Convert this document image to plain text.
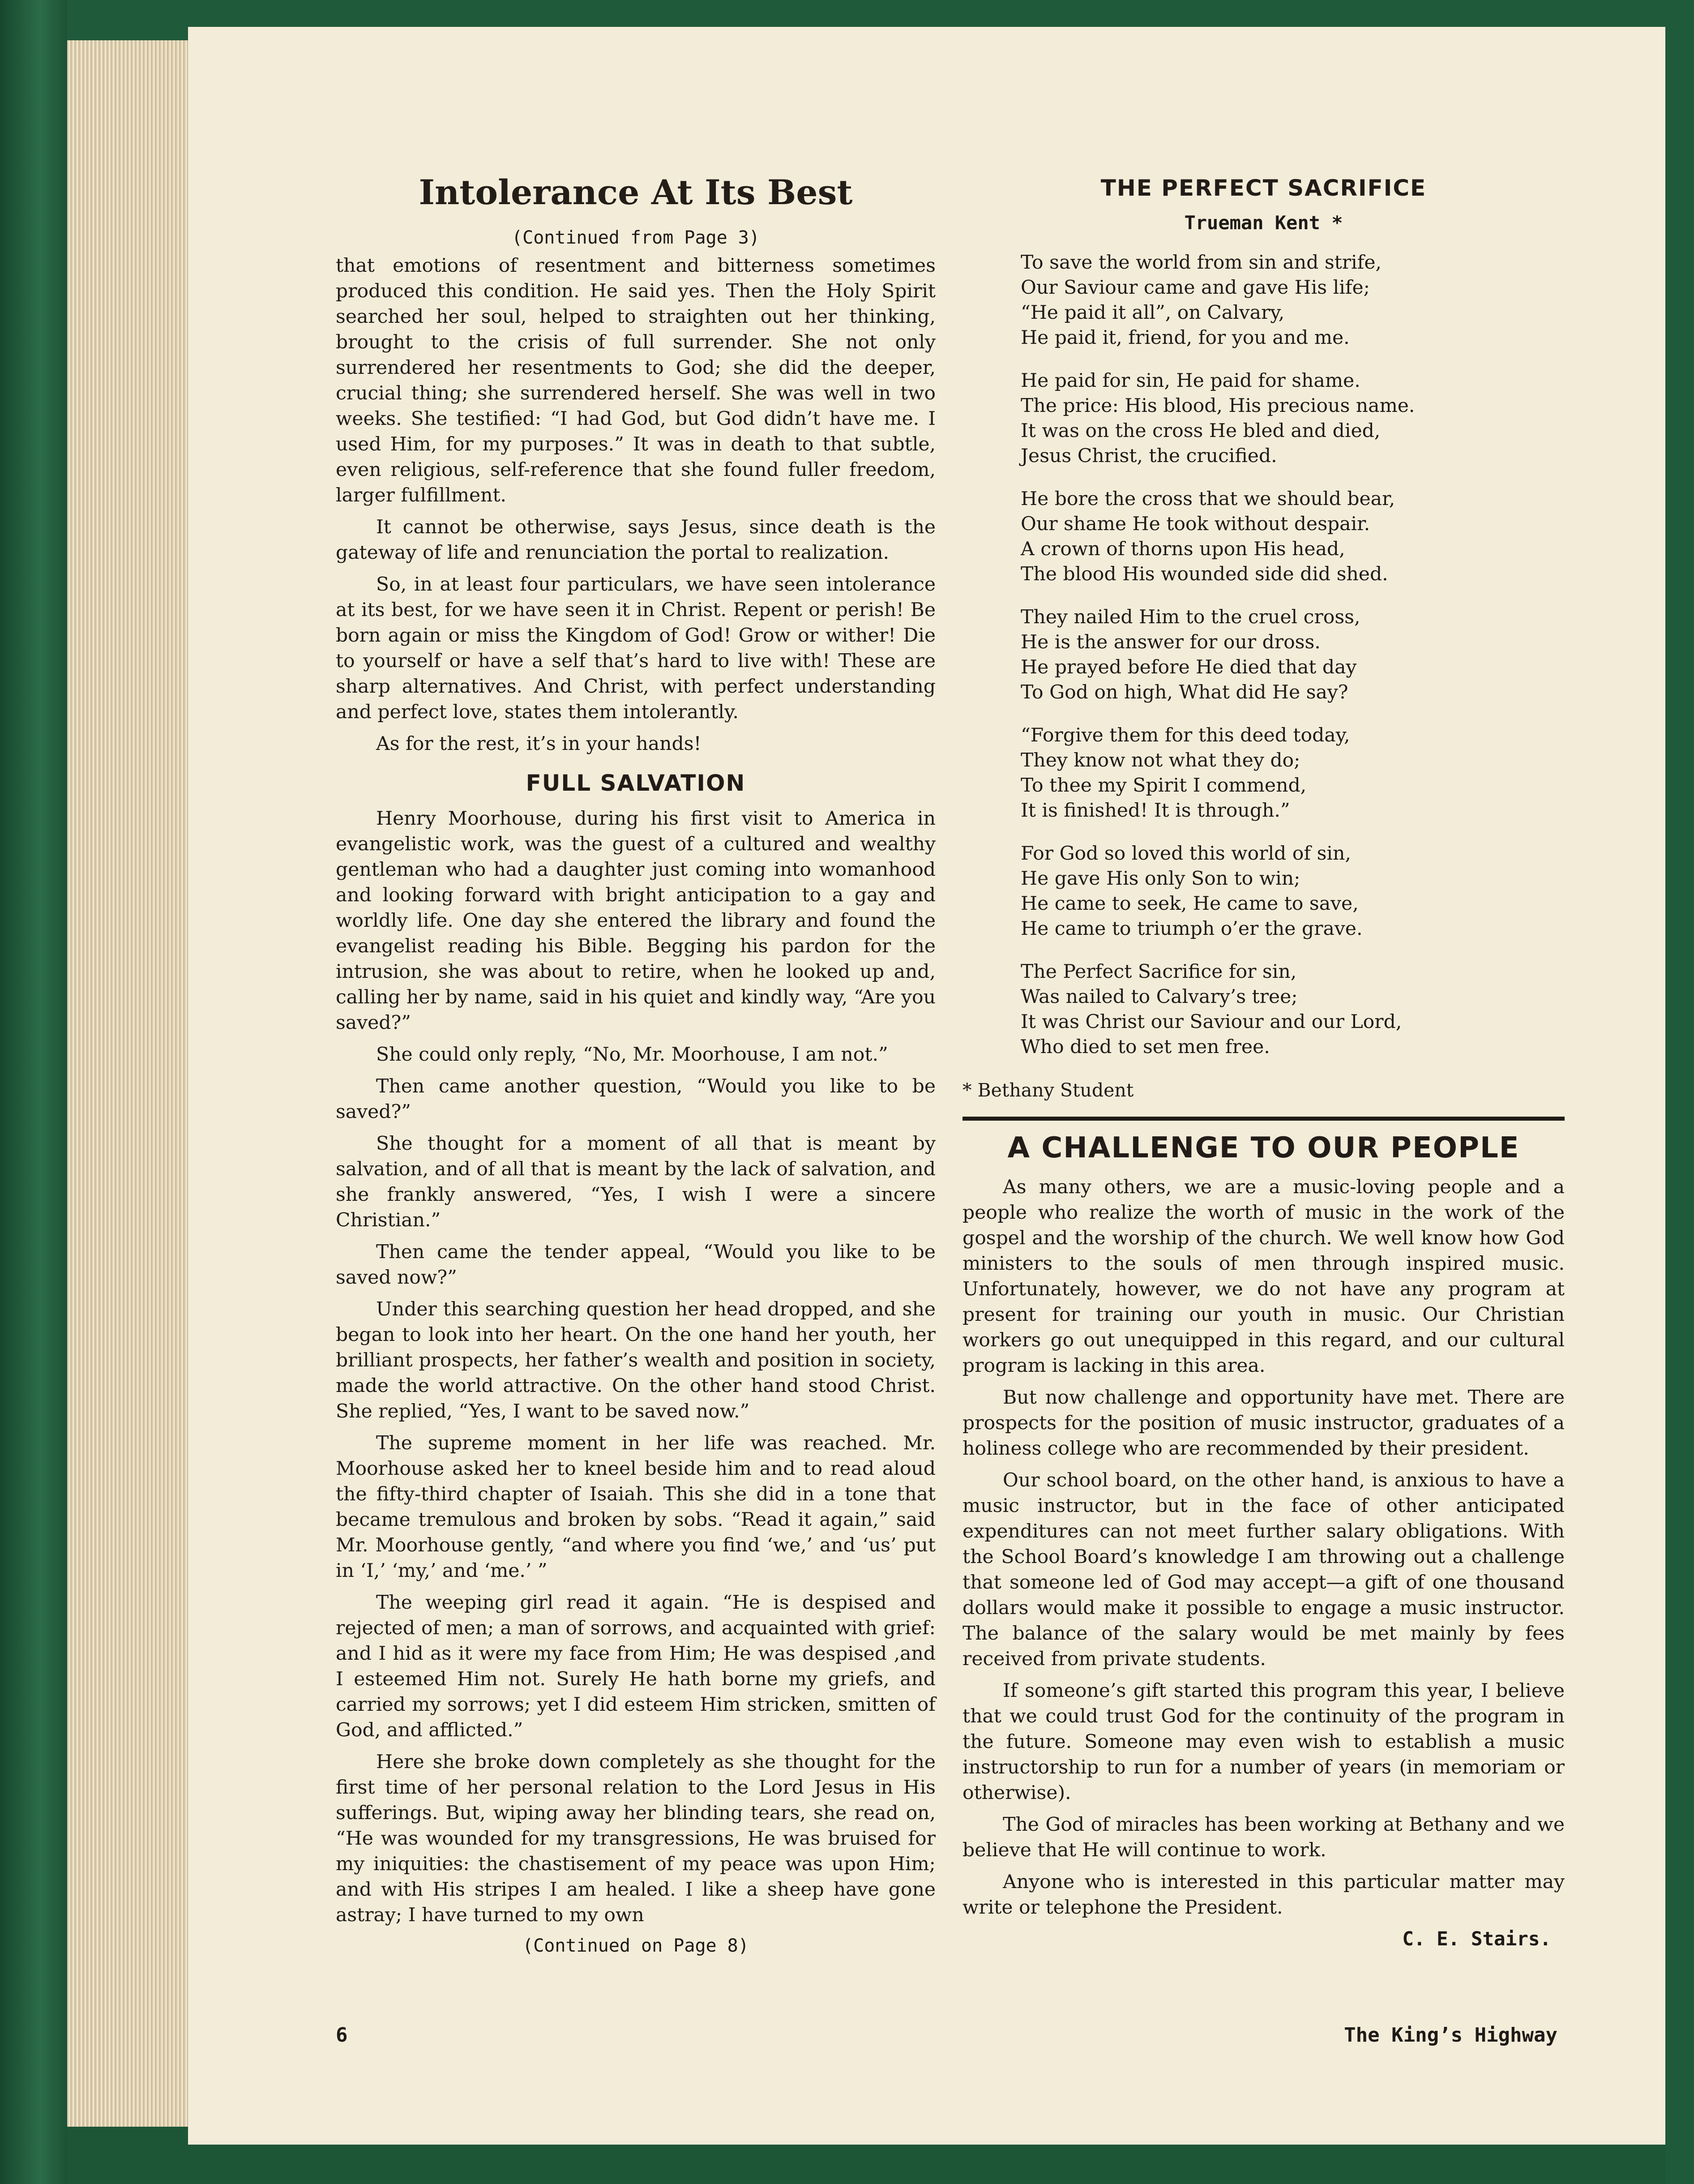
Intolerance At Its Best
(Continued from Page 3)

that emotions of resentment and bitterness sometimes produced this condition. He said yes. Then the Holy Spirit searched her soul, helped to straighten out her thinking, brought to the crisis of full surrender. She not only surrendered her resentments to God; she did the deeper, crucial thing; she surrendered herself. She was well in two weeks. She testified: “I had God, but God didn’t have me. I used Him, for my purposes.” It was in death to that subtle, even religious, self-reference that she found fuller freedom, larger fulfillment.

It cannot be otherwise, says Jesus, since death is the gateway of life and renunciation the portal to realization.

So, in at least four particulars, we have seen intolerance at its best, for we have seen it in Christ. Repent or perish! Be born again or miss the Kingdom of God! Grow or wither! Die to yourself or have a self that’s hard to live with! These are sharp alternatives. And Christ, with perfect understanding and perfect love, states them intolerantly.

As for the rest, it’s in your hands!

FULL SALVATION

Henry Moorhouse, during his first visit to America in evangelistic work, was the guest of a cultured and wealthy gentleman who had a daughter just coming into womanhood and looking forward with bright anticipation to a gay and worldly life. One day she entered the library and found the evangelist reading his Bible. Begging his pardon for the intrusion, she was about to retire, when he looked up and, calling her by name, said in his quiet and kindly way, “Are you saved?”

She could only reply, “No, Mr. Moorhouse, I am not.”

Then came another question, “Would you like to be saved?”

She thought for a moment of all that is meant by salvation, and of all that is meant by the lack of salvation, and she frankly answered, “Yes, I wish I were a sincere Christian.”

Then came the tender appeal, “Would you like to be saved now?”

Under this searching question her head dropped, and she began to look into her heart. On the one hand her youth, her brilliant prospects, her father’s wealth and position in society, made the world attractive. On the other hand stood Christ. She replied, “Yes, I want to be saved now.”

The supreme moment in her life was reached. Mr. Moorhouse asked her to kneel beside him and to read aloud the fifty-third chapter of Isaiah. This she did in a tone that became tremulous and broken by sobs. “Read it again,” said Mr. Moorhouse gently, “and where you find ‘we,’ and ‘us’ put in ‘I,’ ‘my,’ and ‘me.’ ”

The weeping girl read it again. “He is despised and rejected of men; a man of sorrows, and acquainted with grief: and I hid as it were my face from Him; He was despised ,and I esteemed Him not. Surely He hath borne my griefs, and carried my sorrows; yet I did esteem Him stricken, smitten of God, and afflicted.”

Here she broke down completely as she thought for the first time of her personal relation to the Lord Jesus in His sufferings. But, wiping away her blinding tears, she read on, “He was wounded for my transgressions, He was bruised for my iniquities: the chastisement of my peace was upon Him; and with His stripes I am healed. I like a sheep have gone astray; I have turned to my own

(Continued on Page 8)
THE PERFECT SACRIFICE
Trueman Kent *
To save the world from sin and strife,
Our Saviour came and gave His life;
“He paid it all”, on Calvary,
He paid it, friend, for you and me.
He paid for sin, He paid for shame.
The price: His blood, His precious name.
It was on the cross He bled and died,
Jesus Christ, the crucified.
He bore the cross that we should bear,
Our shame He took without despair.
A crown of thorns upon His head,
The blood His wounded side did shed.
They nailed Him to the cruel cross,
He is the answer for our dross.
He prayed before He died that day
To God on high, What did He say?
“Forgive them for this deed today,
They know not what they do;
To thee my Spirit I commend,
It is finished! It is through.”
For God so loved this world of sin,
He gave His only Son to win;
He came to seek, He came to save,
He came to triumph o’er the grave.
The Perfect Sacrifice for sin,
Was nailed to Calvary’s tree;
It was Christ our Saviour and our Lord,
Who died to set men free.
* Bethany Student
A CHALLENGE TO OUR PEOPLE

As many others, we are a music-loving people and a people who realize the worth of music in the work of the gospel and the worship of the church. We well know how God ministers to the souls of men through inspired music. Unfortunately, however, we do not have any program at present for training our youth in music. Our Christian workers go out unequipped in this regard, and our cultural program is lacking in this area.

But now challenge and opportunity have met. There are prospects for the position of music instructor, graduates of a holiness college who are recommended by their president.

Our school board, on the other hand, is anxious to have a music instructor, but in the face of other anticipated expenditures can not meet further salary obligations. With the School Board’s knowledge I am throwing out a challenge that someone led of God may accept—a gift of one thousand dollars would make it possible to engage a music instructor. The balance of the salary would be met mainly by fees received from private students.

If someone’s gift started this program this year, I believe that we could trust God for the continuity of the program in the future. Someone may even wish to establish a music instructorship to run for a number of years (in memoriam or otherwise).

The God of miracles has been working at Bethany and we believe that He will continue to work.

Anyone who is interested in this particular matter may write or telephone the President.

C. E. Stairs.
6	The King’s Highway
